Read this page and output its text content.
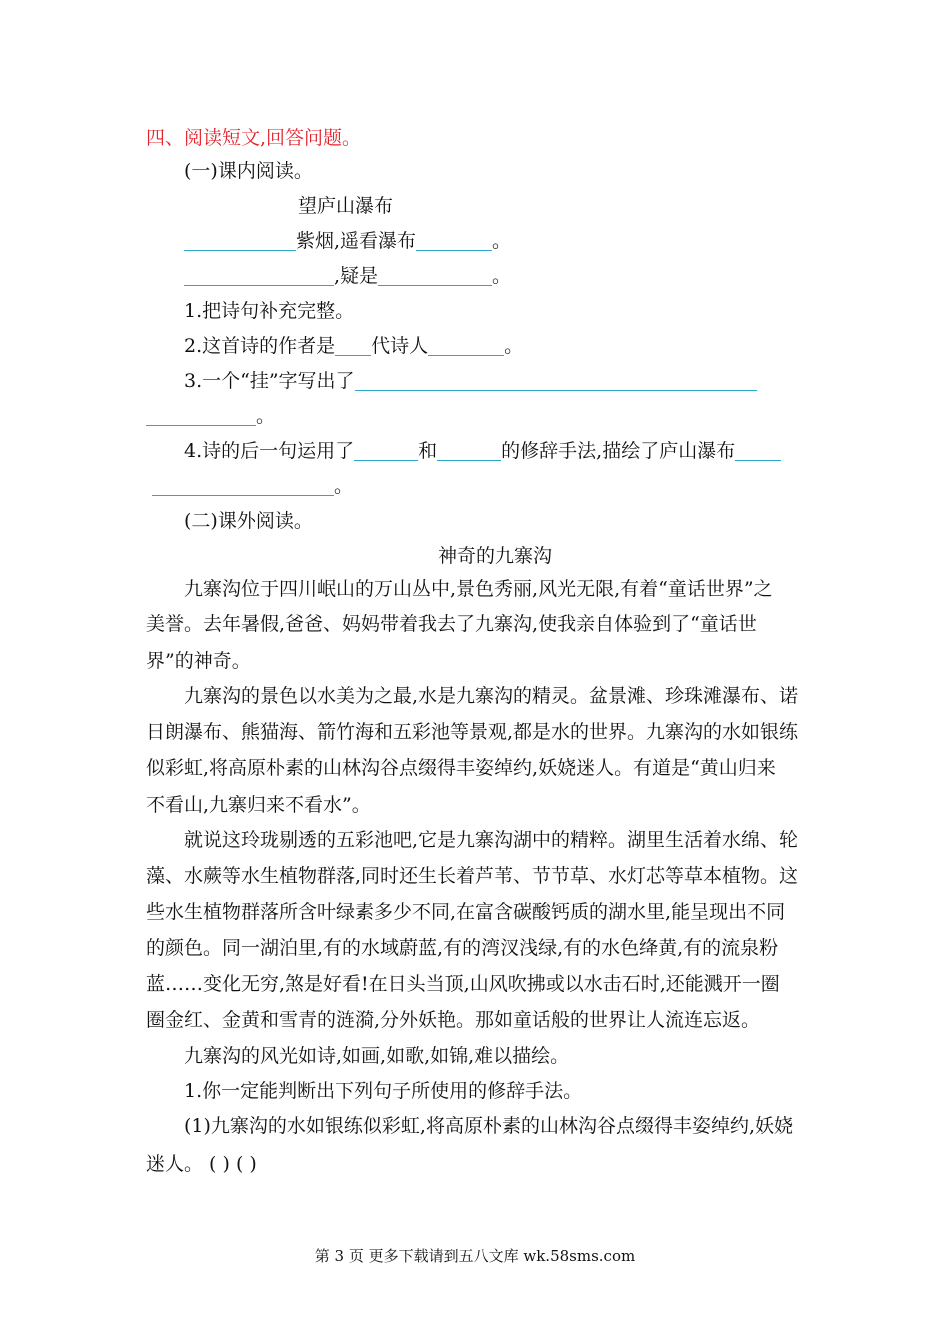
四、阅读短文,回答问题。
(一)课内阅读。
望庐山瀑布
紫烟,遥看瀑布	。
,疑是	。
1.把诗句补充完整。
2.这首诗的作者是 代诗人	。
3.一个“挂”字写出了
。
4.诗的后一句运用了	和	的修辞手法,描绘了庐山瀑布
。
(二)课外阅读。
神奇的九寨沟
九寨沟位于四川岷山的万山丛中,景色秀丽,风光无限,有着“童话世界”之
美誉。去年暑假,爸爸、妈妈带着我去了九寨沟,使我亲自体验到了“童话世
界”的神奇。
九寨沟的景色以水美为之最,水是九寨沟的精灵。盆景滩、珍珠滩瀑布、诺
日朗瀑布、熊猫海、箭竹海和五彩池等景观,都是水的世界。九寨沟的水如银练
似彩虹,将高原朴素的山林沟谷点缀得丰姿绰约,妖娆迷人。有道是“黄山归来
不看山,九寨归来不看水”。
就说这玲珑剔透的五彩池吧,它是九寨沟湖中的精粹。湖里生活着水绵、轮
藻、水蕨等水生植物群落,同时还生长着芦苇、节节草、水灯芯等草本植物。这
些水生植物群落所含叶绿素多少不同,在富含碳酸钙质的湖水里,能呈现出不同
的颜色。同一湖泊里,有的水域蔚蓝,有的湾汊浅绿,有的水色绛黄,有的流泉粉
蓝……变化无穷,煞是好看!在日头当顶,山风吹拂或以水击石时,还能溅开一圈
圈金红、金黄和雪青的涟漪,分外妖艳。那如童话般的世界让人流连忘返。
九寨沟的风光如诗,如画,如歌,如锦,难以描绘。
1.你一定能判断出下列句子所使用的修辞手法。
(1)九寨沟的水如银练似彩虹,将高原朴素的山林沟谷点缀得丰姿绰约,妖娆
迷人。 ( ) ( )
第 3 页 更多下载请到五八文库 wk.58sms.com
